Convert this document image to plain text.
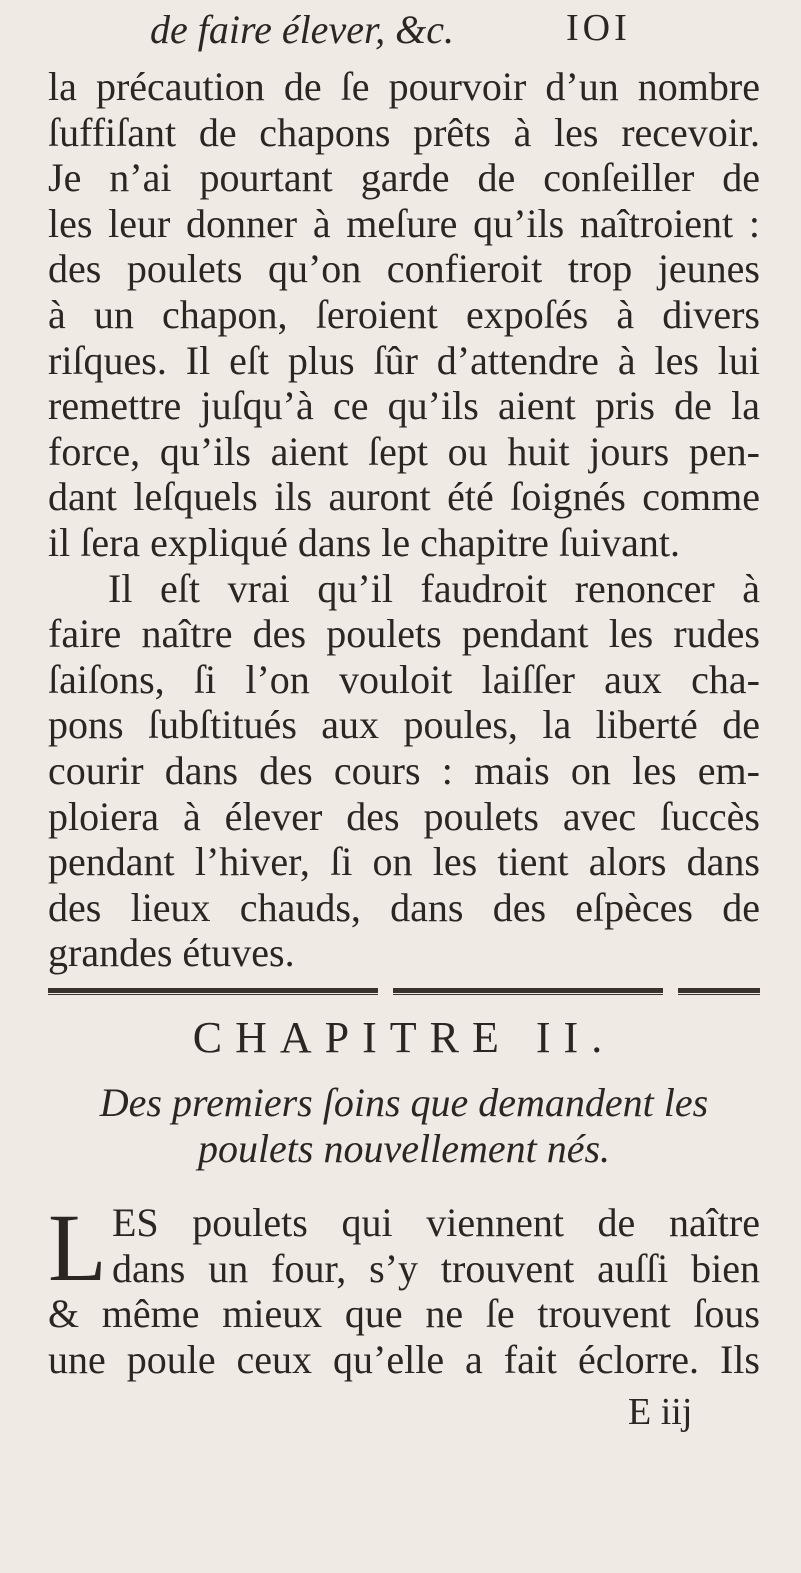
de faire élever, &c.	IOI
la précaution de ſe pourvoir d’un nombre
ſuffiſant de chapons prêts à les recevoir.
Je n’ai pourtant garde de conſeiller de
les leur donner à meſure qu’ils naîtroient :
des poulets qu’on confieroit trop jeunes
à un chapon, ſeroient expoſés à divers
riſques. Il eſt plus ſûr d’attendre à les lui
remettre juſqu’à ce qu’ils aient pris de la
force, qu’ils aient ſept ou huit jours pen-
dant leſquels ils auront été ſoignés comme
il ſera expliqué dans le chapitre ſuivant.
Il eſt vrai qu’il faudroit renoncer à
faire naître des poulets pendant les rudes
ſaiſons, ſi l’on vouloit laiſſer aux cha-
pons ſubſtitués aux poules, la liberté de
courir dans des cours : mais on les em-
ploiera à élever des poulets avec ſuccès
pendant l’hiver, ſi on les tient alors dans
des lieux chauds, dans des eſpèces de
grandes étuves.
CHAPITRE II.
Des premiers ſoins que demandent les
poulets nouvellement nés.
L ES poulets qui viennent de naître
dans un four, s’y trouvent auſſi bien
& même mieux que ne ſe trouvent ſous
une poule ceux qu’elle a fait éclorre. Ils
E iij
